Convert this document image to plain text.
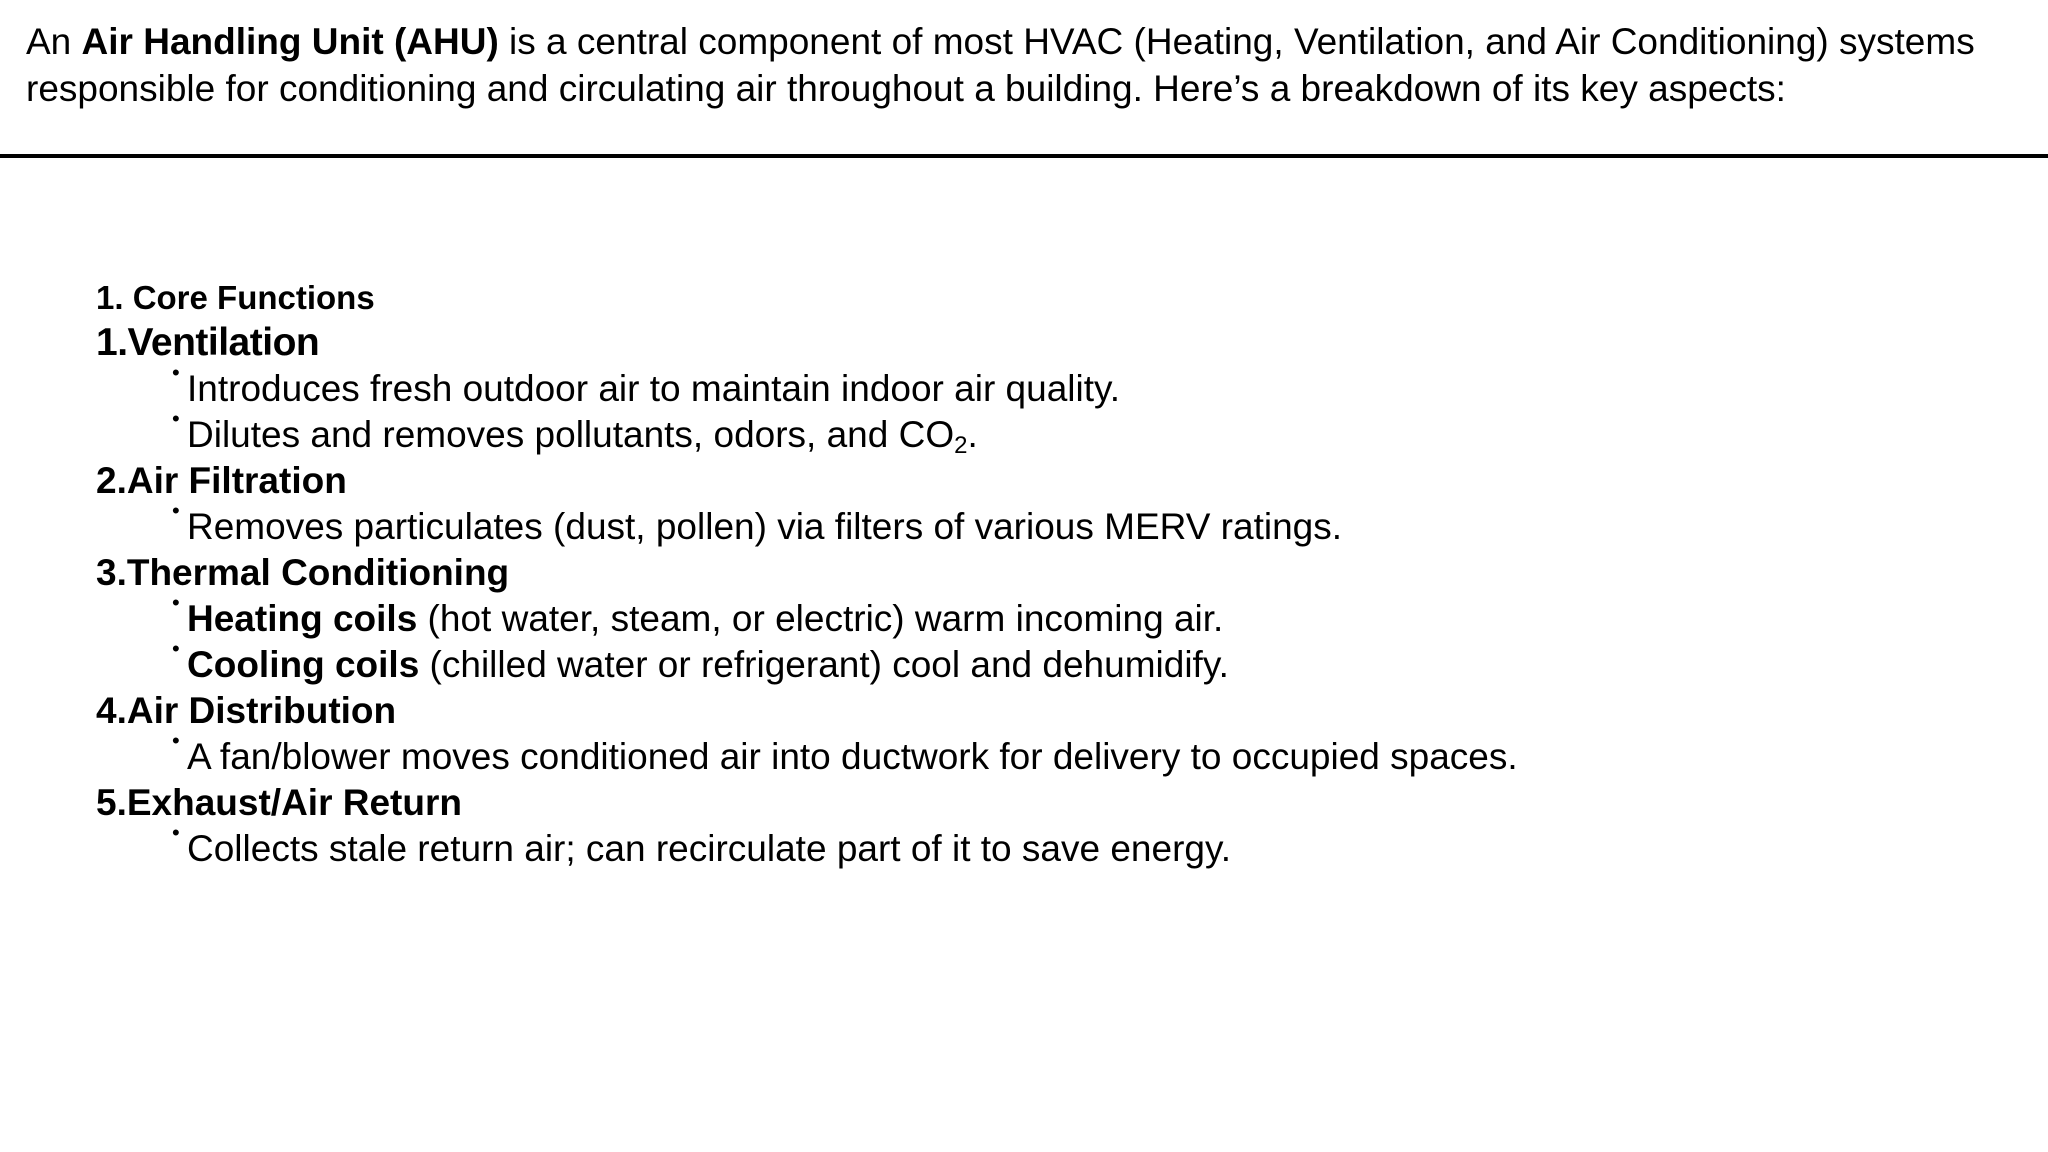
An Air Handling Unit (AHU) is a central component of most HVAC (Heating, Ventilation, and Air Conditioning) systems
responsible for conditioning and circulating air throughout a building. Here’s a breakdown of its key aspects:
1. Core Functions
1.Ventilation
• Introduces fresh outdoor air to maintain indoor air quality.
• Dilutes and removes pollutants, odors, and $CO_2$.
2.Air Filtration
• Removes particulates (dust, pollen) via filters of various MERV ratings.
3.Thermal Conditioning
• Heating coils (hot water, steam, or electric) warm incoming air.
• Cooling coils (chilled water or refrigerant) cool and dehumidify.
4.Air Distribution
• A fan/blower moves conditioned air into ductwork for delivery to occupied spaces.
5.Exhaust/Air Return
• Collects stale return air; can recirculate part of it to save energy.
